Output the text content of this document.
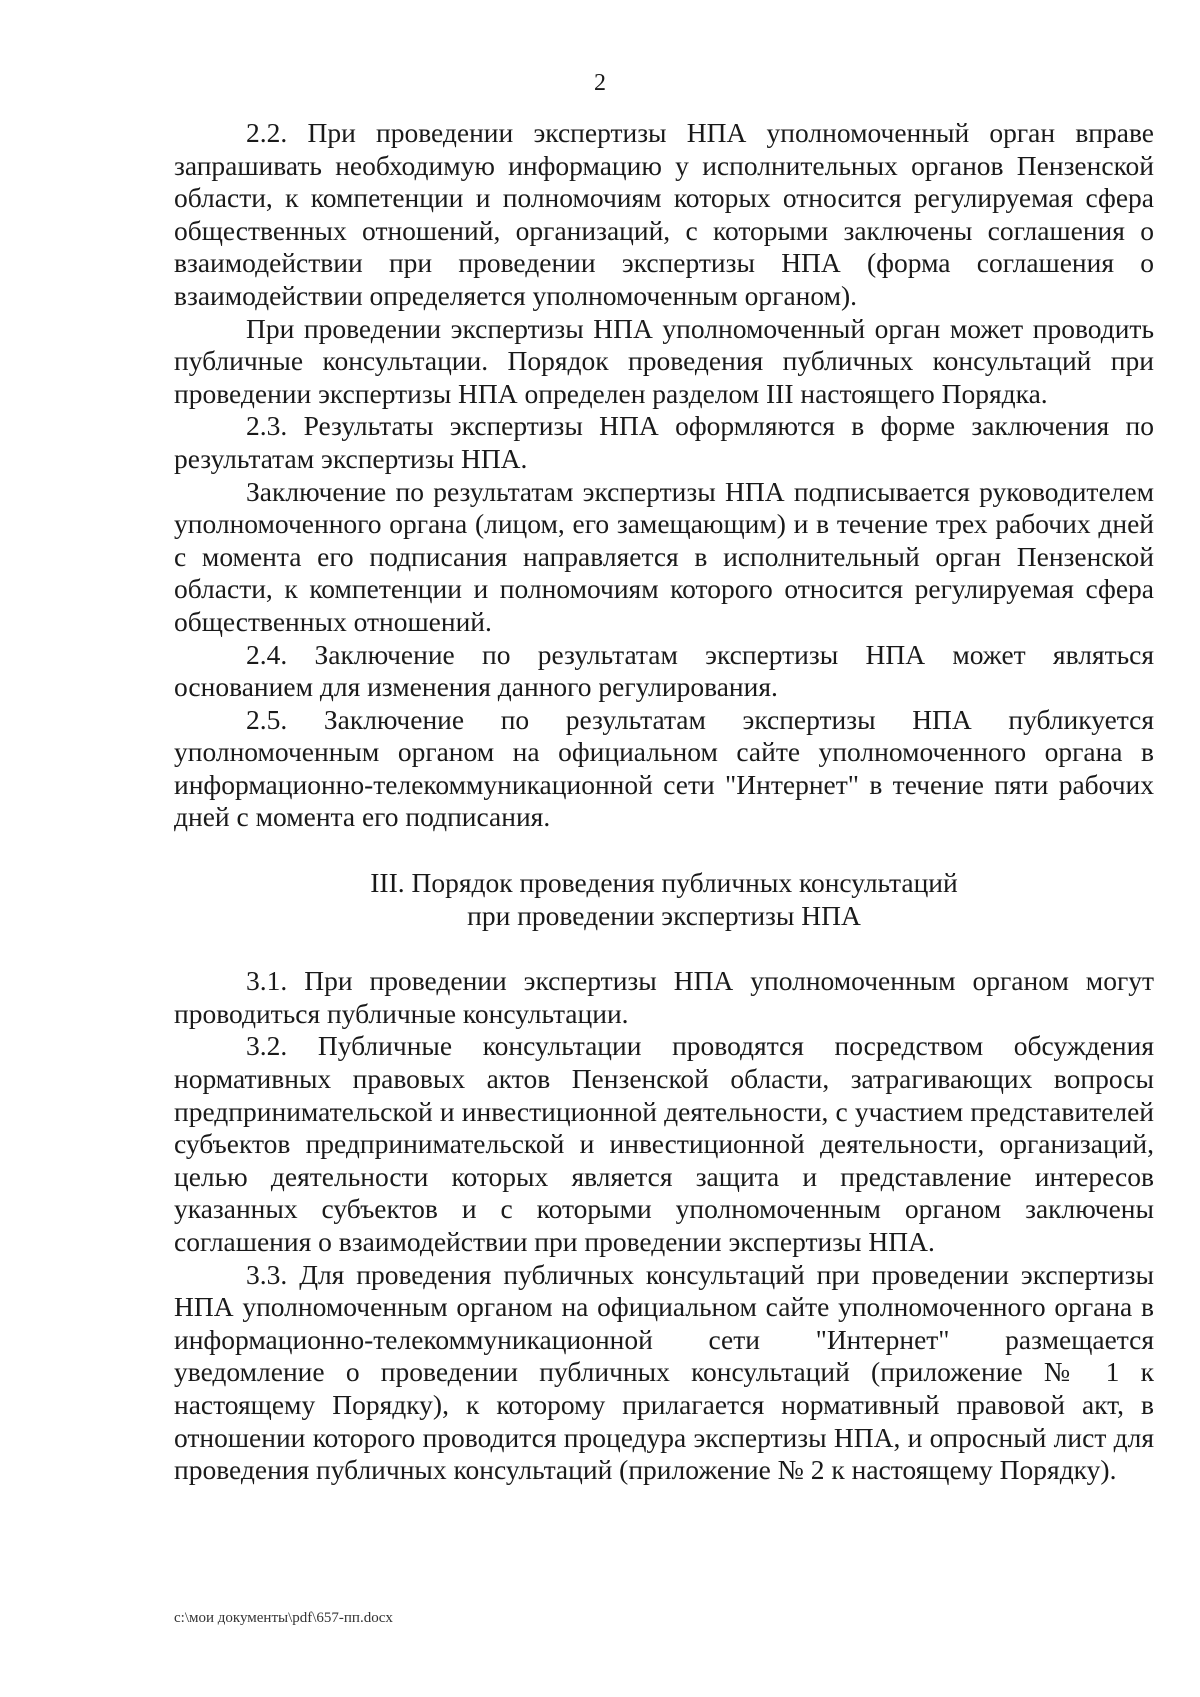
2

2.2. При проведении экспертизы НПА уполномоченный орган вправе запрашивать необходимую информацию у исполнительных органов Пензенской области, к компетенции и полномочиям которых относится регулируемая сфера общественных отношений, организаций, с которыми заключены соглашения о взаимодействии при проведении экспертизы НПА (форма соглашения о взаимодействии определяется уполномоченным органом).

При проведении экспертизы НПА уполномоченный орган может проводить публичные консультации. Порядок проведения публичных консультаций при проведении экспертизы НПА определен разделом III настоящего Порядка.

2.3. Результаты экспертизы НПА оформляются в форме заключения по результатам экспертизы НПА.

Заключение по результатам экспертизы НПА подписывается руководителем уполномоченного органа (лицом, его замещающим) и в течение трех рабочих дней с момента его подписания направляется в исполнительный орган Пензенской области, к компетенции и полномочиям которого относится регулируемая сфера общественных отношений.

2.4. Заключение по результатам экспертизы НПА может являться основанием для изменения данного регулирования.

2.5. Заключение по результатам экспертизы НПА публикуется уполномоченным органом на официальном сайте уполномоченного органа в информационно-телекоммуникационной сети "Интернет" в течение пяти рабочих дней с момента его подписания.

III. Порядок проведения публичных консультаций
при проведении экспертизы НПА

3.1. При проведении экспертизы НПА уполномоченным органом могут проводиться публичные консультации.

3.2. Публичные консультации проводятся посредством обсуждения нормативных правовых актов Пензенской области, затрагивающих вопросы предпринимательской и инвестиционной деятельности, с участием представителей субъектов предпринимательской и инвестиционной деятельности, организаций, целью деятельности которых является защита и представление интересов указанных субъектов и с которыми уполномоченным органом заключены соглашения о взаимодействии при проведении экспертизы НПА.

3.3. Для проведения публичных консультаций при проведении экспертизы НПА уполномоченным органом на официальном сайте уполномоченного органа в информационно-телекоммуникационной сети "Интернет" размещается уведомление о проведении публичных консультаций (приложение № 1 к настоящему Порядку), к которому прилагается нормативный правовой акт, в отношении которого проводится процедура экспертизы НПА, и опросный лист для проведения публичных консультаций (приложение № 2 к настоящему Порядку).

c:\мои документы\pdf\657-пп.docx
